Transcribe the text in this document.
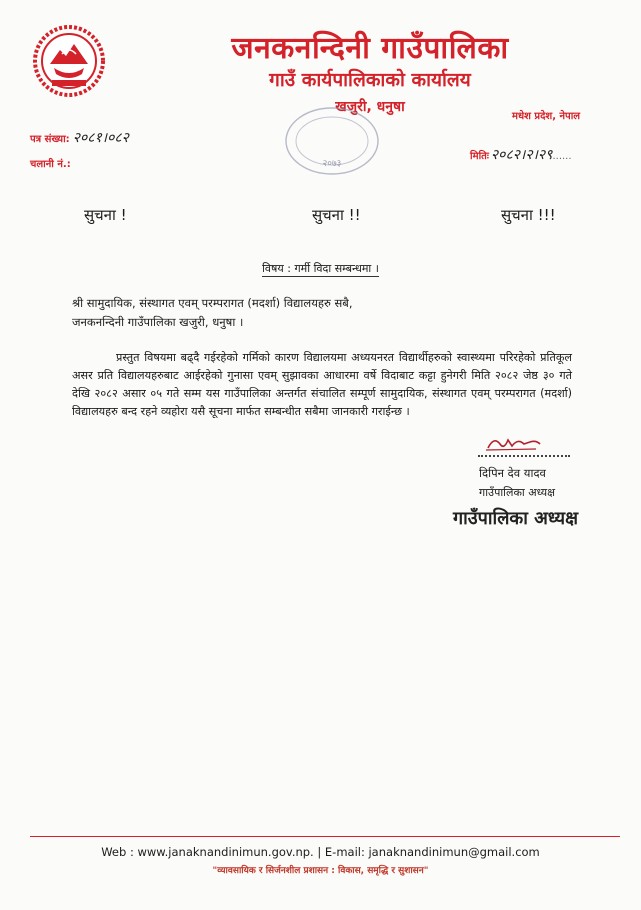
जनकनन्दिनी गाउँपालिका
गाउँ कार्यपालिकाको कार्यालय
खजुरी, धनुषा
मधेश प्रदेश, नेपाल
२०७३
पत्र संख्या: २०८१।०८२
चलानी नं.:
मितिः २०८२।२।२९......
सुचना !	सुचना !!	सुचना !!!
विषय : गर्मी विदा सम्बन्धमा ।
श्री सामुदायिक, संस्थागत एवम् परम्परागत (मदर्शा) विद्यालयहरु सबै,
जनकनन्दिनी गाउँपालिका खजुरी, धनुषा ।
प्रस्तुत विषयमा बढ्दै गईरहेको गर्मिको कारण विद्यालयमा अध्ययनरत विद्यार्थीहरुको स्वास्थ्यमा परिरहेको प्रतिकूल असर प्रति विद्यालयहरुबाट आईरहेको गुनासा एवम् सुझावका आधारमा वर्षे विदाबाट कट्टा हुनेगरी मिति २०८२ जेष्ठ ३० गते देखि २०८२ असार ०५ गते सम्म यस गाउँपालिका अन्तर्गत संचालित सम्पूर्ण सामुदायिक, संस्थागत एवम् परम्परागत (मदर्शा) विद्यालयहरु बन्द रहने व्यहोरा यसै सूचना मार्फत सम्बन्धीत सबैमा जानकारी गराईन्छ ।
दिपिन देव यादव
गाउँपालिका अध्यक्ष
गाउँपालिका अध्यक्ष
Web : www.janaknandinimun.gov.np. | E-mail: janaknandinimun@gmail.com
"व्यावसायिक र सिर्जनशील प्रशासन : विकास, समृद्धि र सुशासन"
